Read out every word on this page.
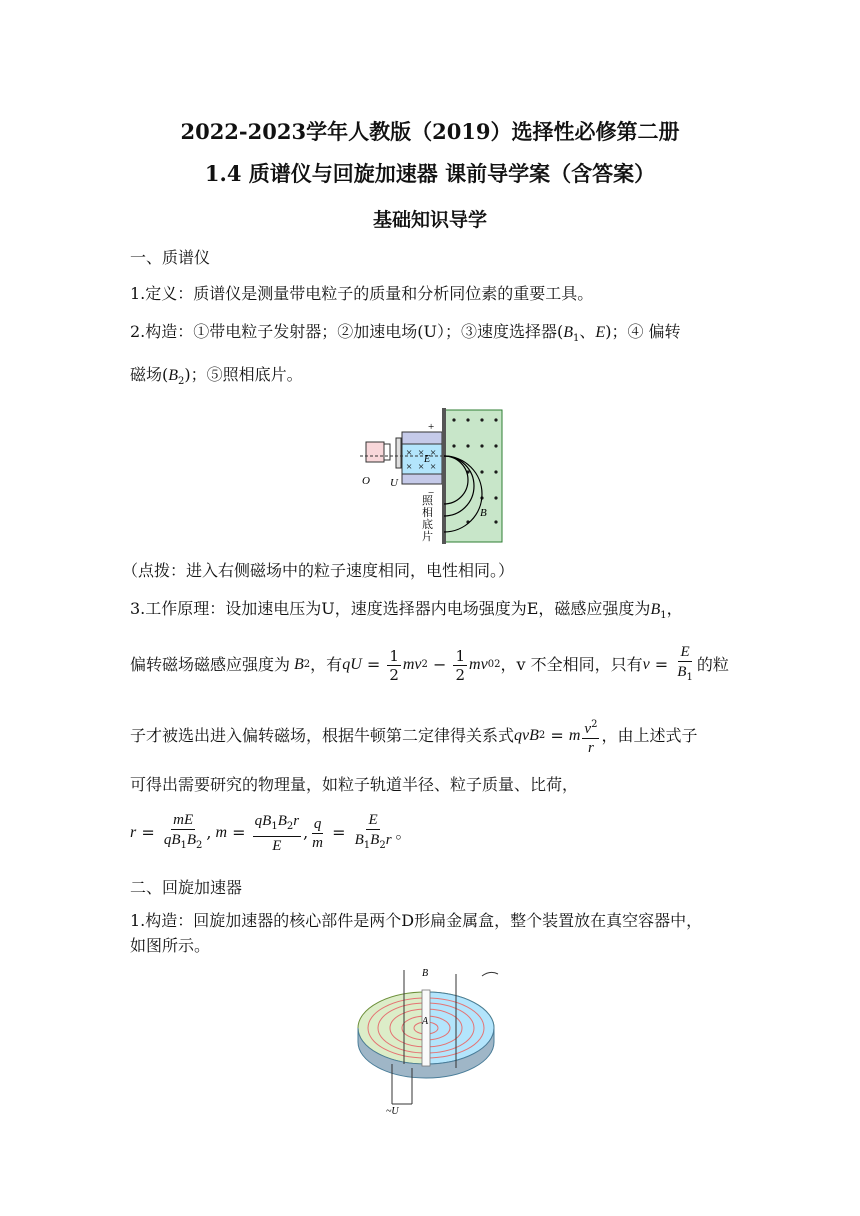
2022-2023学年人教版（2019）选择性必修第二册
1.4 质谱仪与回旋加速器 课前导学案（含答案）
基础知识导学
一、质谱仪
1.定义：质谱仪是测量带电粒子的质量和分析同位素的重要工具。
2.构造：①带电粒子发射器；②加速电场(U）；③速度选择器($B_1$、E)；④ 偏转
磁场$(B_2)$；⑤照相底片。
× × ×
× × ×
O U
+
−
E
B
照
相
底
片
（点拨：进入右侧磁场中的粒子速度相同，电性相同。）
3.工作原理：设加速电压为U，速度选择器内电场强度为E，磁感应强度为$B_1$，
偏转磁场磁感应强度为 B 2 ，有 qU = $\frac{1}{2}$ mv $2 - \frac{1}{2}$ mv 0 2 ，v 不全相同，只有 $v = \frac{E}{B_1}$ 的粒
子才被选出进入偏转磁场，根据牛顿第二定律得关系式 qvB 2 = m $\frac{v^2}{r}$ ，由上述式子
可得出需要研究的物理量，如粒子轨道半径、粒子质量、比荷，
$r = \frac{mE}{qB_1B_2}$ , $m = \frac{qB_1B_2r}{E}$ , $\frac{q}{m} = \frac{E}{B_1B_2r}$ 。
二、回旋加速器
1.构造：回旋加速器的核心部件是两个D形扁金属盒，整个装置放在真空容器中，
如图所示。
B
A
~U
